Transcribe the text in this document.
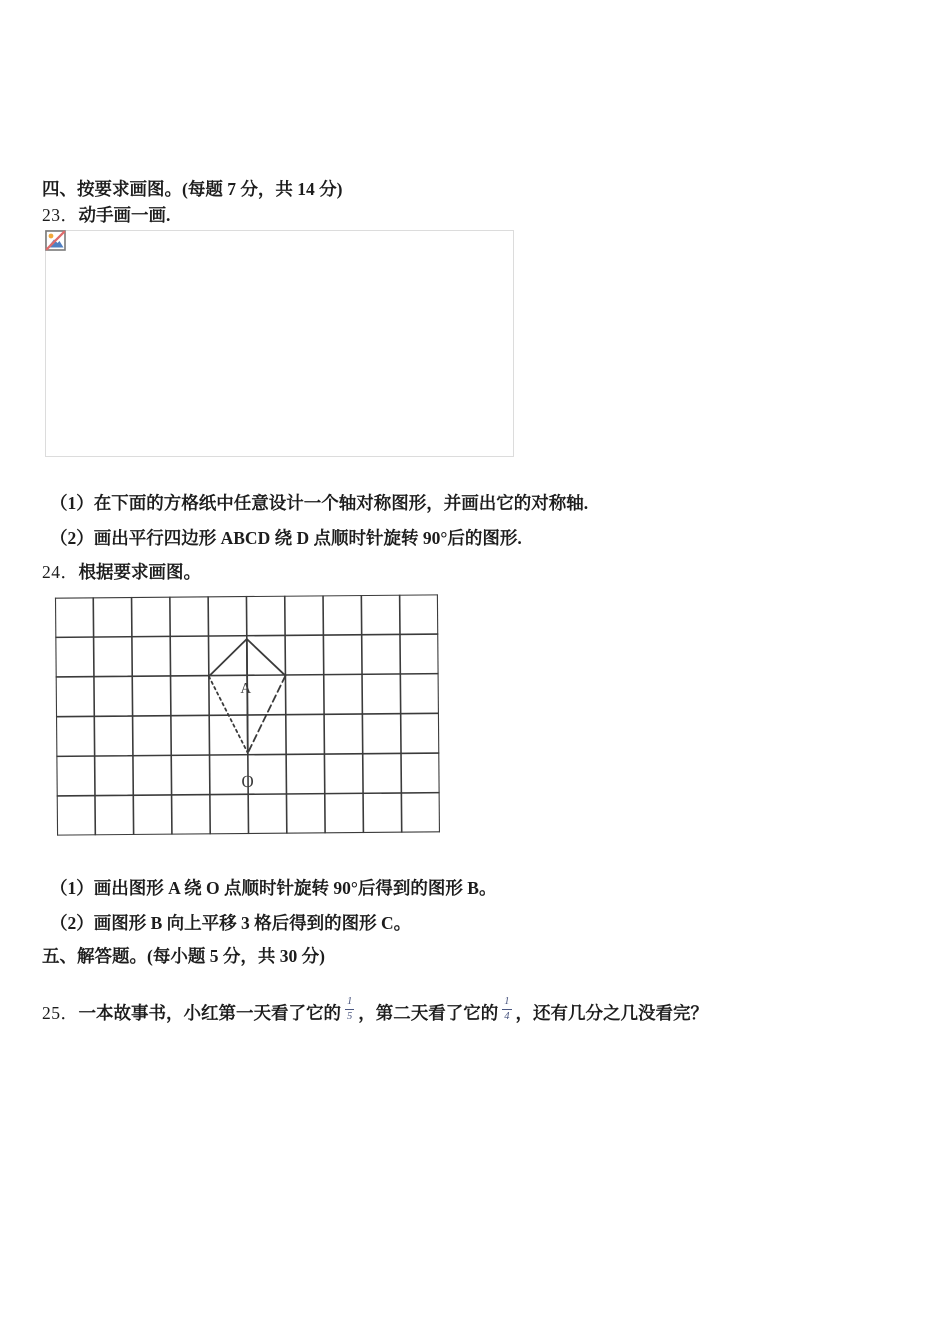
四、按要求画图。(每题 7 分，共 14 分)
23．动手画一画.
（1）在下面的方格纸中任意设计一个轴对称图形，并画出它的对称轴.
（2）画出平行四边形 ABCD 绕 D 点顺时针旋转 90°后的图形.
24．根据要求画图。
A
O
（1）画出图形 A 绕 O 点顺时针旋转 90°后得到的图形 B。
（2）画图形 B 向上平移 3 格后得到的图形 C。
五、解答题。(每小题 5 分，共 30 分)
25．一本故事书，小红第一天看了它的 $\frac{1}{5}$ ，第二天看了它的 $\frac{1}{4}$ ，还有几分之几没看完？
